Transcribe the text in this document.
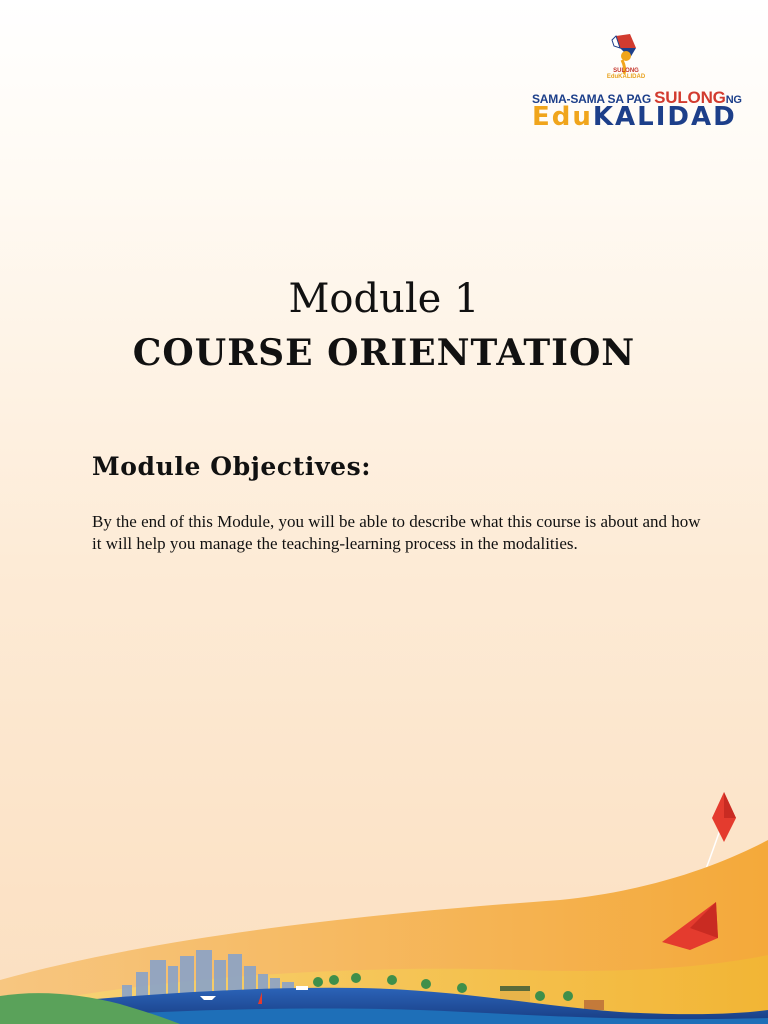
SULONG
EduKALIDAD
SAMA-SAMA SA PAG SULONGNG
EduKALIDAD
Module 1
COURSE ORIENTATION
Module Objectives:
By the end of this Module, you will be able to describe what this course is about and how it will help you manage the teaching-learning process in the modalities.
